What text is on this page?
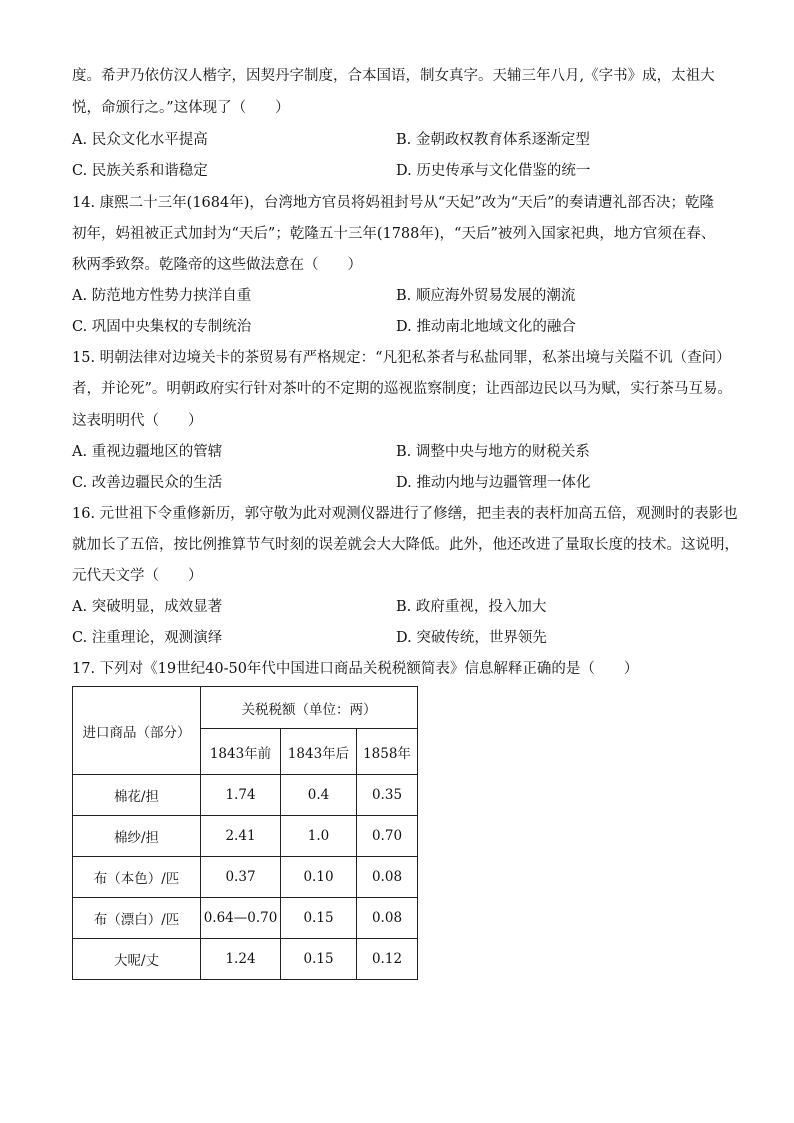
度。希尹乃依仿汉人楷字，因契丹字制度，合本国语，制女真字。天辅三年八月,《字书》成，太祖大
悦，命颁行之。”这体现了（　　）
A. 民众文化水平提高	B. 金朝政权教育体系逐渐定型
C. 民族关系和谐稳定	D. 历史传承与文化借鉴的统一
14. 康熙二十三年(1684年)，台湾地方官员将妈祖封号从“天妃”改为“天后”的奏请遭礼部否决；乾隆
初年，妈祖被正式加封为“天后”；乾隆五十三年(1788年)，“天后”被列入国家祀典，地方官须在春、
秋两季致祭。乾隆帝的这些做法意在（　　）
A. 防范地方性势力挟洋自重	B. 顺应海外贸易发展的潮流
C. 巩固中央集权的专制统治	D. 推动南北地域文化的融合
15. 明朝法律对边境关卡的茶贸易有严格规定：“凡犯私茶者与私盐同罪，私茶出境与关隘不讥（查问）
者，并论死”。明朝政府实行针对茶叶的不定期的巡视监察制度；让西部边民以马为赋，实行茶马互易。
这表明明代（　　）
A. 重视边疆地区的管辖	B. 调整中央与地方的财税关系
C. 改善边疆民众的生活	D. 推动内地与边疆管理一体化
16. 元世祖下令重修新历，郭守敬为此对观测仪器进行了修缮，把圭表的表杆加高五倍，观测时的表影也
就加长了五倍，按比例推算节气时刻的误差就会大大降低。此外，他还改进了量取长度的技术。这说明，
元代天文学（　　）
A. 突破明显，成效显著	B. 政府重视，投入加大
C. 注重理论，观测演绎	D. 突破传统，世界领先
17. 下列对《19世纪40-50年代中国进口商品关税税额简表》信息解释正确的是（　　）
进口商品（部分）	关税税额（单位：两）		
	1843年前	1843年后	1858年
棉花/担	1.74	0.4	0.35
棉纱/担	2.41	1.0	0.70
布（本色）/匹	0.37	0.10	0.08
布（漂白）/匹	0.64—0.70	0.15	0.08
大呢/丈	1.24	0.15	0.12
